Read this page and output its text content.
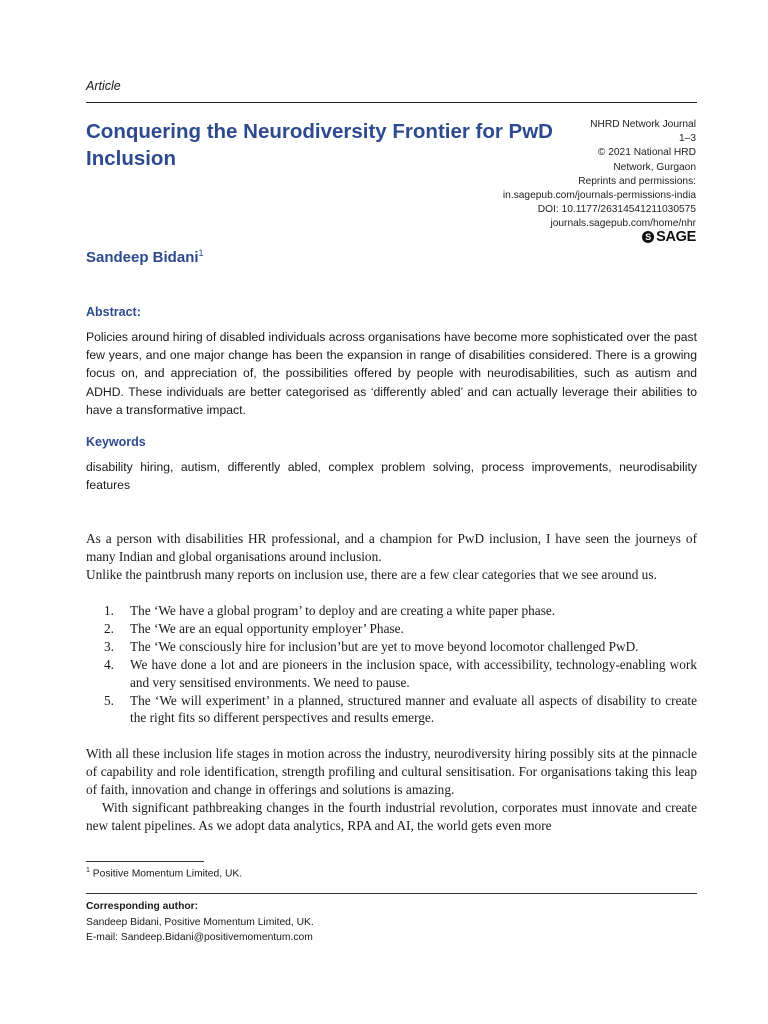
Article
Conquering the Neurodiversity Frontier for PwD Inclusion
NHRD Network Journal
1–3
© 2021 National HRD
Network, Gurgaon
Reprints and permissions:
in.sagepub.com/journals-permissions-india
DOI: 10.1177/26314541211030575
journals.sagepub.com/home/nhr
S SAGE
Sandeep Bidani$^1$
Abstract:
Policies around hiring of disabled individuals across organisations have become more sophisticated over the past few years, and one major change has been the expansion in range of disabilities considered. There is a growing focus on, and appreciation of, the possibilities offered by people with neurodisabilities, such as autism and ADHD. These individuals are better categorised as ‘differently abled’ and can actually leverage their abilities to have a transformative impact.
Keywords
disability hiring, autism, differently abled, complex problem solving, process improvements, neurodisability features
As a person with disabilities HR professional, and a champion for PwD inclusion, I have seen the journeys of many Indian and global organisations around inclusion.
Unlike the paintbrush many reports on inclusion use, there are a few clear categories that we see around us.
1.	The ‘We have a global program’ to deploy and are creating a white paper phase.
2.	The ‘We are an equal opportunity employer’ Phase.
3.	The ‘We consciously hire for inclusion’but are yet to move beyond locomotor challenged PwD.
4.	We have done a lot and are pioneers in the inclusion space, with accessibility, technology-enabling work and very sensitised environments. We need to pause.
5.	The ‘We will experiment’ in a planned, structured manner and evaluate all aspects of disability to create the right fits so different perspectives and results emerge.
With all these inclusion life stages in motion across the industry, neurodiversity hiring possibly sits at the pinnacle of capability and role identification, strength profiling and cultural sensitisation. For organisations taking this leap of faith, innovation and change in offerings and solutions is amazing.
With significant pathbreaking changes in the fourth industrial revolution, corporates must innovate and create new talent pipelines. As we adopt data analytics, RPA and AI, the world gets even more
$^1$ Positive Momentum Limited, UK.
Corresponding author:
Sandeep Bidani, Positive Momentum Limited, UK.
E-mail: Sandeep.Bidani@positivemomentum.com
